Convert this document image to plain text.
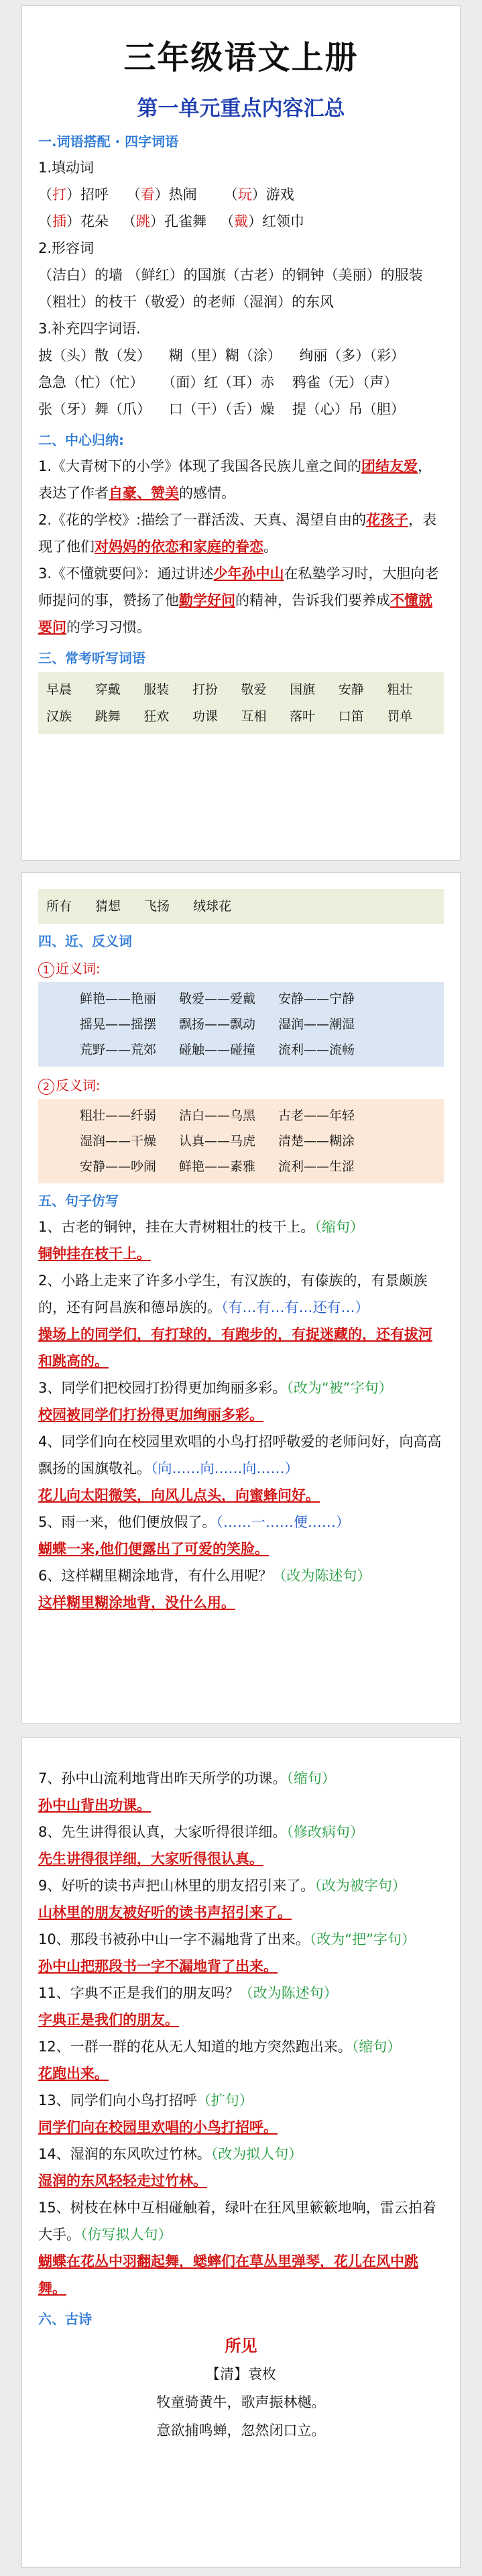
三年级语文上册
第一单元重点内容汇总
一.词语搭配 · 四字词语

1.填动词

（打）招呼 （看）热闹 （玩）游戏

（插）花朵 （跳）孔雀舞 （戴）红领巾

2.形容词

（洁白）的墙 （鲜红）的国旗（古老）的铜钟（美丽）的服装

（粗壮）的枝干（敬爱）的老师（湿润）的东风

3.补充四字词语.

披（头）散（发）    糊（里）糊（涂）    绚丽（多）（彩）

急急（忙）（忙）    （面）红（耳）赤    鸦雀（无）（声）

张（牙）舞（爪）    口（干）（舌）燥    提（心）吊（胆）

二、中心归纳:

1.《大青树下的小学》体现了我国各民族儿童之间的团结友爱，表达了作者自豪、赞美的感情。

2.《花的学校》:描绘了一群活泼、天真、渴望自由的花孩子，表现了他们对妈妈的依恋和家庭的眷恋。

3.《不懂就要问》：通过讲述少年孙中山在私塾学习时，大胆向老师提问的事，赞扬了他勤学好问的精神，告诉我们要养成不懂就要问的学习习惯。

三、常考听写词语
早晨	穿戴	服装	打扮	敬爱	国旗	安静	粗壮
汉族	跳舞	狂欢	功课	互相	落叶	口笛	罚单
所有	猜想	飞扬	绒球花
四、近、反义词
1 近义词:
鲜艳——艳丽	敬爱——爱戴	安静——宁静
摇晃——摇摆	飘扬——飘动	湿润——潮湿
荒野——荒郊	碰触——碰撞	流利——流畅
2 反义词:
粗壮——纤弱	洁白——乌黑	古老——年轻
湿润——干燥	认真——马虎	清楚——糊涂
安静——吵闹	鲜艳——素雅	流利——生涩
五、句子仿写

1、古老的铜钟，挂在大青树粗壮的枝干上。（缩句）

铜钟挂在枝干上。

2、小路上走来了许多小学生，有汉族的，有傣族的，有景颇族的，还有阿昌族和德昂族的。（有…有…有…还有…）

操场上的同学们，有打球的，有跑步的，有捉迷藏的，还有拔河和跳高的。

3、同学们把校园打扮得更加绚丽多彩。（改为“被”字句）

校园被同学们打扮得更加绚丽多彩。

4、同学们向在校园里欢唱的小鸟打招呼敬爱的老师问好，向高高飘扬的国旗敬礼。（向……向……向……）

花儿向太阳微笑，向风儿点头，向蜜蜂问好。

5、雨一来，他们便放假了。（……一……便……）

蝴蝶一来,他们便露出了可爱的笑脸。

6、这样糊里糊涂地背，有什么用呢？（改为陈述句）

这样糊里糊涂地背，没什么用。

7、孙中山流利地背出昨天所学的功课。（缩句）

孙中山背出功课。

8、先生讲得很认真，大家听得很详细。（修改病句）

先生讲得很详细，大家听得很认真。

9、好听的读书声把山林里的朋友招引来了。（改为被字句）

山林里的朋友被好听的读书声招引来了。

10、那段书被孙中山一字不漏地背了出来。（改为“把”字句）

孙中山把那段书一字不漏地背了出来。

11、字典不正是我们的朋友吗？（改为陈述句）

字典正是我们的朋友。

12、一群一群的花从无人知道的地方突然跑出来。（缩句）

花跑出来。

13、同学们向小鸟打招呼（扩句）

同学们向在校园里欢唱的小鸟打招呼。

14、湿润的东风吹过竹林。（改为拟人句）

湿润的东风轻轻走过竹林。

15、树枝在林中互相碰触着，绿叶在狂风里簌簌地响，雷云拍着大手。（仿写拟人句）

蝴蝶在花丛中羽翻起舞，蟋蟀们在草丛里弹琴，花儿在风中跳舞。
六、古诗
所见
【清】袁枚
牧童骑黄牛，歌声振林樾。
意欲捕鸣蝉，忽然闭口立。
